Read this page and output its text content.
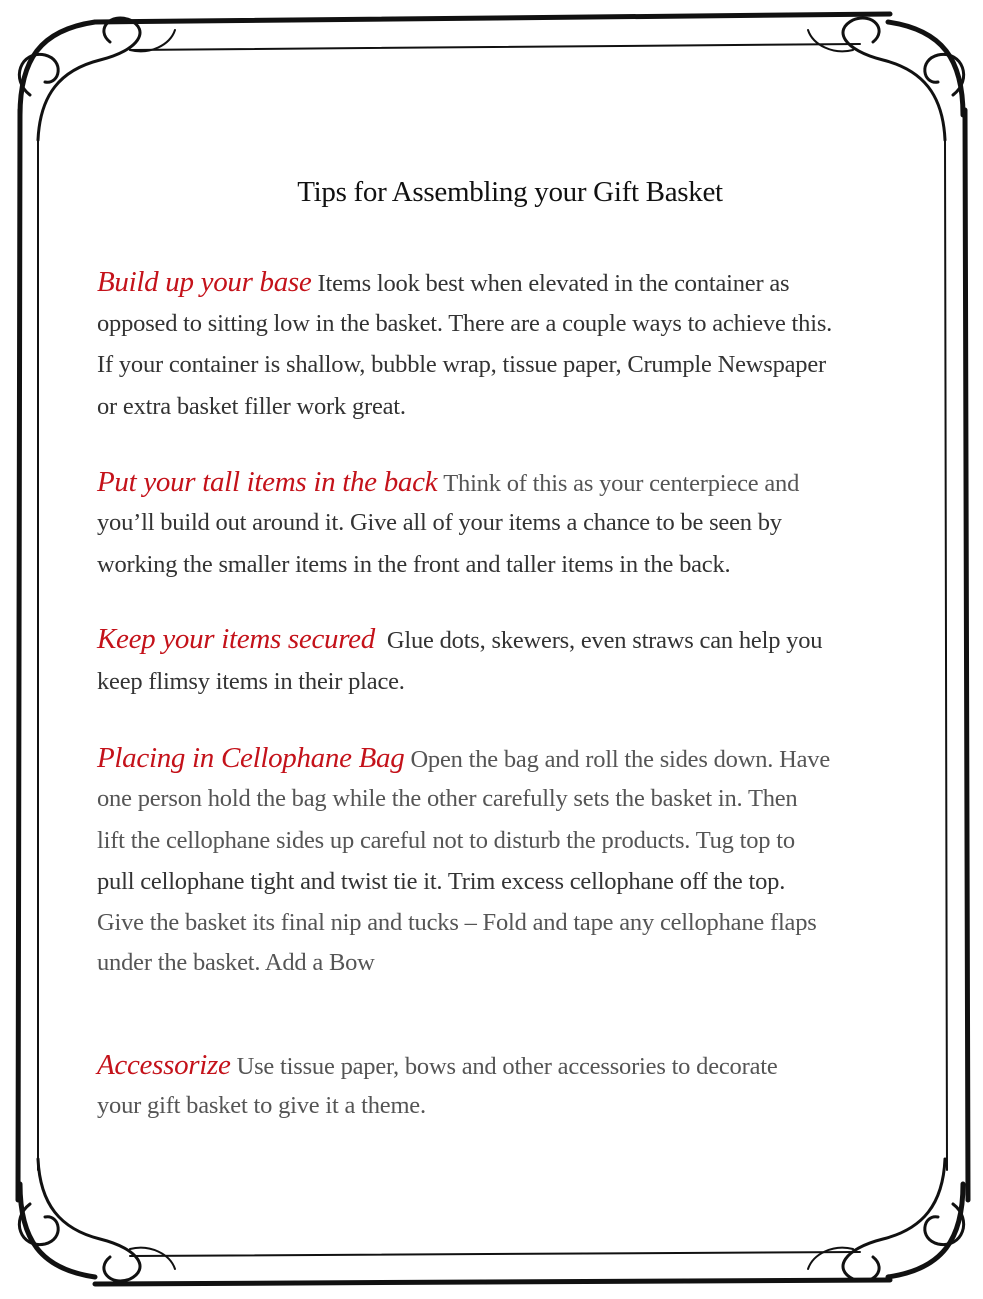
Tips for Assembling your Gift Basket
Build up your base Items look best when elevated in the container as
opposed to sitting low in the basket. There are a couple ways to achieve this.
If your container is shallow, bubble wrap, tissue paper, Crumple Newspaper
or extra basket filler work great.
Put your tall items in the back Think of this as your centerpiece and
you’ll build out around it. Give all of your items a chance to be seen by
working the smaller items in the front and taller items in the back.
Keep your items secured Glue dots, skewers, even straws can help you
keep flimsy items in their place.
Placing in Cellophane Bag Open the bag and roll the sides down. Have
one person hold the bag while the other carefully sets the basket in. Then
lift the cellophane sides up careful not to disturb the products. Tug top to
pull cellophane tight and twist tie it. Trim excess cellophane off the top.
Give the basket its final nip and tucks – Fold and tape any cellophane flaps
under the basket. Add a Bow
Accessorize Use tissue paper, bows and other accessories to decorate
your gift basket to give it a theme.
